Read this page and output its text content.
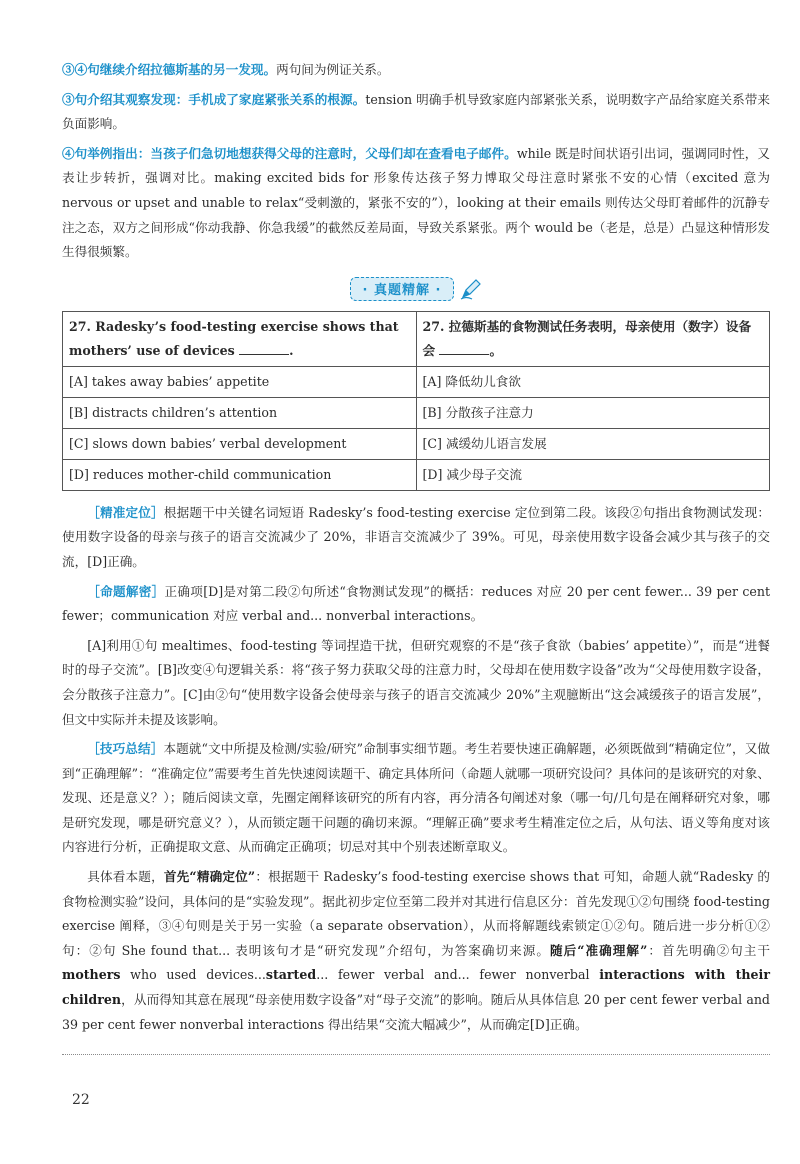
③④句继续介绍拉德斯基的另一发现。两句间为例证关系。

③句介绍其观察发现：手机成了家庭紧张关系的根源。tension 明确手机导致家庭内部紧张关系，说明数字产品给家庭关系带来负面影响。

④句举例指出：当孩子们急切地想获得父母的注意时，父母们却在查看电子邮件。while 既是时间状语引出词，强调同时性，又表让步转折，强调对比。making excited bids for 形象传达孩子努力博取父母注意时紧张不安的心情（excited 意为 nervous or upset and unable to relax“受刺激的，紧张不安的”），looking at their emails 则传达父母盯着邮件的沉静专注之态，双方之间形成“你动我静、你急我缓”的截然反差局面，导致关系紧张。两个 would be（老是，总是）凸显这种情形发生得很频繁。

· 真题精解 ·
27. Radesky’s food-testing exercise shows that mothers’ use of devices .	27. 拉德斯基的食物测试任务表明，母亲使用（数字）设备会 。
[A] takes away babies’ appetite	[A] 降低幼儿食欲
[B] distracts children’s attention	[B] 分散孩子注意力
[C] slows down babies’ verbal development	[C] 减缓幼儿语言发展
[D] reduces mother-child communication	[D] 减少母子交流

［精准定位］根据题干中关键名词短语 Radesky’s food-testing exercise 定位到第二段。该段②句指出食物测试发现：使用数字设备的母亲与孩子的语言交流减少了 20%，非语言交流减少了 39%。可见，母亲使用数字设备会减少其与孩子的交流，[D]正确。

［命题解密］正确项[D]是对第二段②句所述“食物测试发现”的概括：reduces 对应 20 per cent fewer... 39 per cent fewer；communication 对应 verbal and... nonverbal interactions。

[A]利用①句 mealtimes、food-testing 等词捏造干扰，但研究观察的不是“孩子食欲（babies’ appetite）”，而是“进餐时的母子交流”。[B]改变④句逻辑关系：将“孩子努力获取父母的注意力时，父母却在使用数字设备”改为“父母使用数字设备，会分散孩子注意力”。[C]由②句“使用数字设备会使母亲与孩子的语言交流减少 20%”主观臆断出“这会减缓孩子的语言发展”，但文中实际并未提及该影响。

［技巧总结］本题就“文中所提及检测/实验/研究”命制事实细节题。考生若要快速正确解题，必须既做到“精确定位”，又做到“正确理解”：“准确定位”需要考生首先快速阅读题干、确定具体所问（命题人就哪一项研究设问？具体问的是该研究的对象、发现、还是意义？）；随后阅读文章，先圈定阐释该研究的所有内容，再分清各句阐述对象（哪一句/几句是在阐释研究对象，哪是研究发现，哪是研究意义？），从而锁定题干问题的确切来源。“理解正确”要求考生精准定位之后，从句法、语义等角度对该内容进行分析，正确提取文意、从而确定正确项；切忌对其中个别表述断章取义。

具体看本题，首先“精确定位”：根据题干 Radesky’s food-testing exercise shows that 可知，命题人就“Radesky 的食物检测实验”设问，具体问的是“实验发现”。据此初步定位至第二段并对其进行信息区分：首先发现①②句围绕 food-testing exercise 阐释，③④句则是关于另一实验（a separate observation），从而将解题线索锁定①②句。随后进一步分析①②句：②句 She found that... 表明该句才是“研究发现”介绍句，为答案确切来源。随后“准确理解”：首先明确②句主干 mothers who used devices...started... fewer verbal and... fewer nonverbal interactions with their children，从而得知其意在展现“母亲使用数字设备”对“母子交流”的影响。随后从具体信息 20 per cent fewer verbal and 39 per cent fewer nonverbal interactions 得出结果“交流大幅减少”，从而确定[D]正确。

22
